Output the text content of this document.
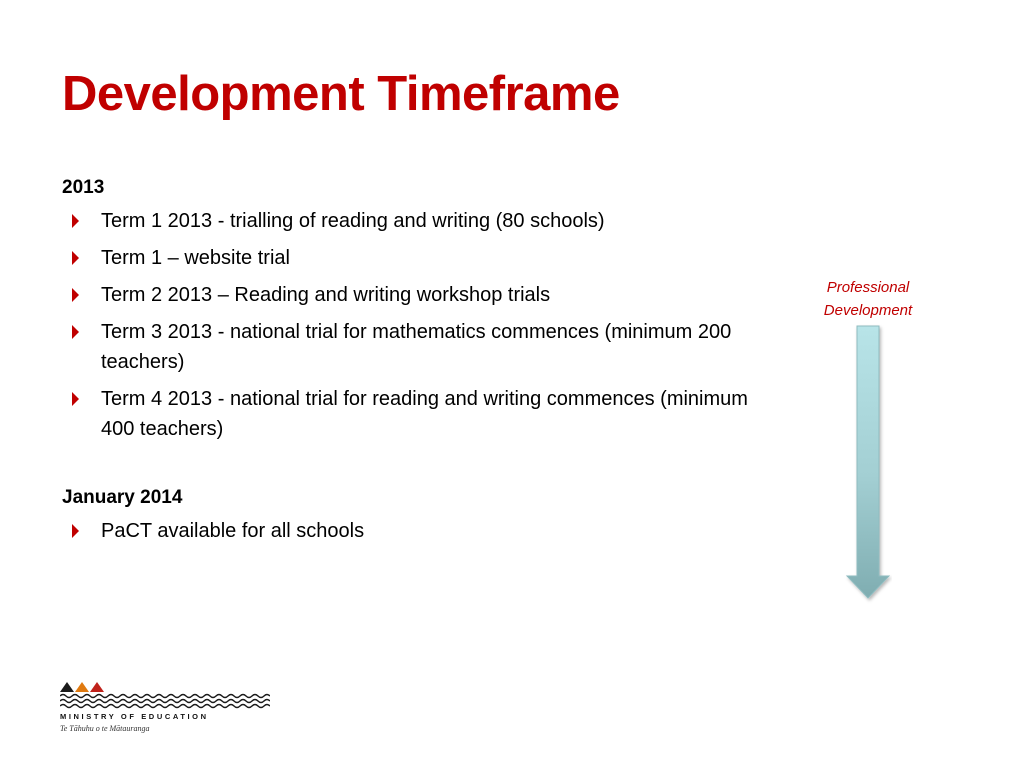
Development Timeframe
2013
Term 1 2013 - trialling of reading and writing (80 schools)
Term 1 – website trial
Term 2 2013 – Reading and writing workshop trials
Term 3 2013 - national trial for mathematics commences (minimum 200 teachers)
Term 4 2013 - national trial for reading and writing commences (minimum 400 teachers)
January 2014
PaCT available for all schools
Professional
Development
MINISTRY OF EDUCATION
Te Tāhuhu o te Mātauranga
